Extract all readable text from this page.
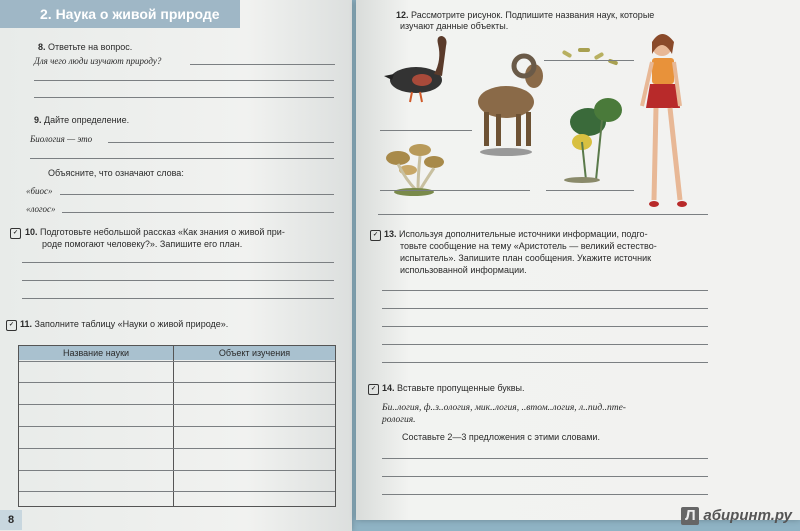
2. Наука о живой природе
8. Ответьте на вопрос.
Для чего люди изучают природу?
9. Дайте определение.
Биология — это
Объясните, что означают слова:
«биос»
«логос»
✓ 10. Подготовьте небольшой рассказ «Как знания о живой при-
роде помогают человеку?». Запишите его план.
✓ 11. Заполните таблицу «Науки о живой природе».
Название науки	Объект изучения
8
12. Рассмотрите рисунок. Подпишите названия наук, которые
изучают данные объекты.
✓ 13. Используя дополнительные источники информации, подго-
товьте сообщение на тему «Аристотель — великий естество-
испытатель». Запишите план сообщения. Укажите источник
использованной информации.
✓ 14. Вставьте пропущенные буквы.
Би..логия, ф..з..ология, мик..логия, ..втом..логия, л..пид..пте-
рология.
Составьте 2—3 предложения с этими словами.
Л абиринт.ру
